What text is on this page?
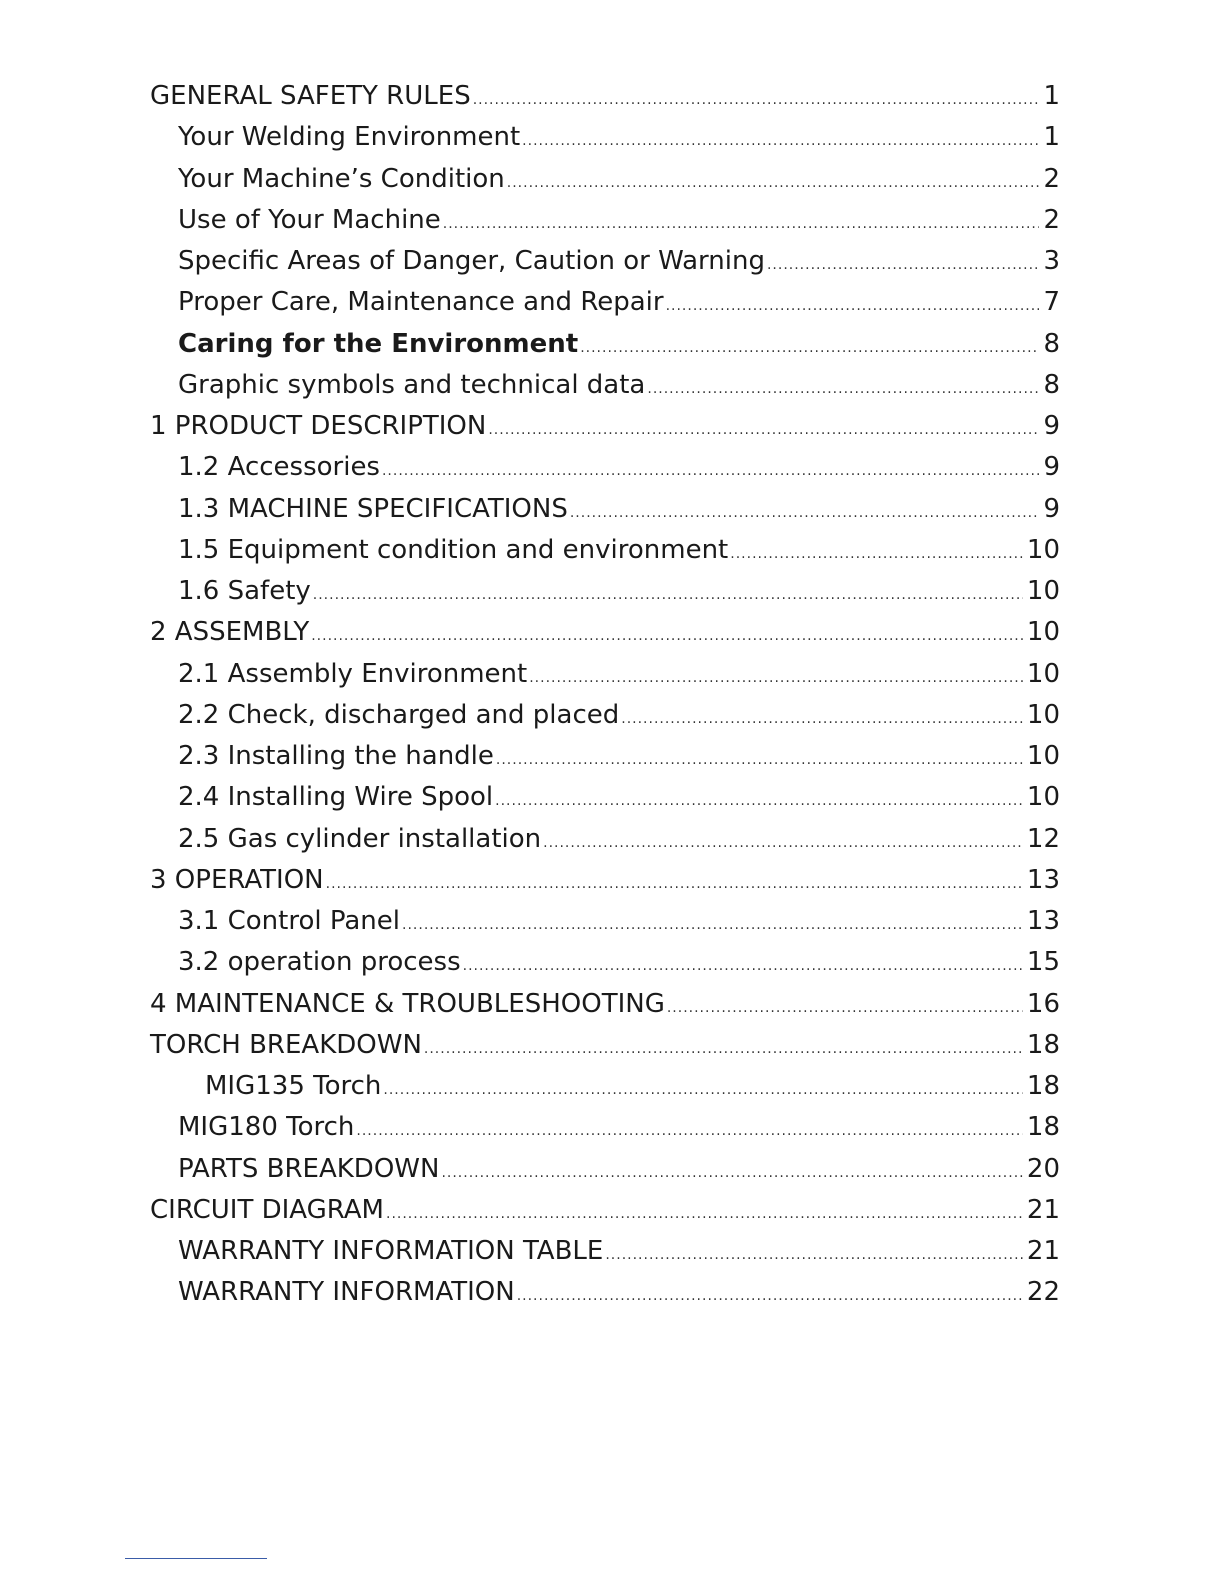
GENERAL SAFETY RULES .....	1
Your Welding Environment .....	1
Your Machine’s Condition .....	2
Use of Your Machine .....	2
Specific Areas of Danger, Caution or Warning .....	3
Proper Care, Maintenance and Repair .....	7
Caring for the Environment .....	8
Graphic symbols and technical data .....	8
1 PRODUCT DESCRIPTION .....	9
1.2 Accessories .....	9
1.3 MACHINE SPECIFICATIONS .....	9
1.5 Equipment condition and environment .....	10
1.6 Safety .....	10
2 ASSEMBLY .....	10
2.1 Assembly Environment .....	10
2.2 Check, discharged and placed .....	10
2.3 Installing the handle .....	10
2.4 Installing Wire Spool .....	10
2.5 Gas cylinder installation .....	12
3 OPERATION .....	13
3.1 Control Panel .....	13
3.2 operation process .....	15
4 MAINTENANCE & TROUBLESHOOTING .....	16
TORCH BREAKDOWN .....	18
MIG135 Torch .....	18
MIG180 Torch .....	18
PARTS BREAKDOWN .....	20
CIRCUIT DIAGRAM .....	21
WARRANTY INFORMATION TABLE .....	21
WARRANTY INFORMATION .....	22
